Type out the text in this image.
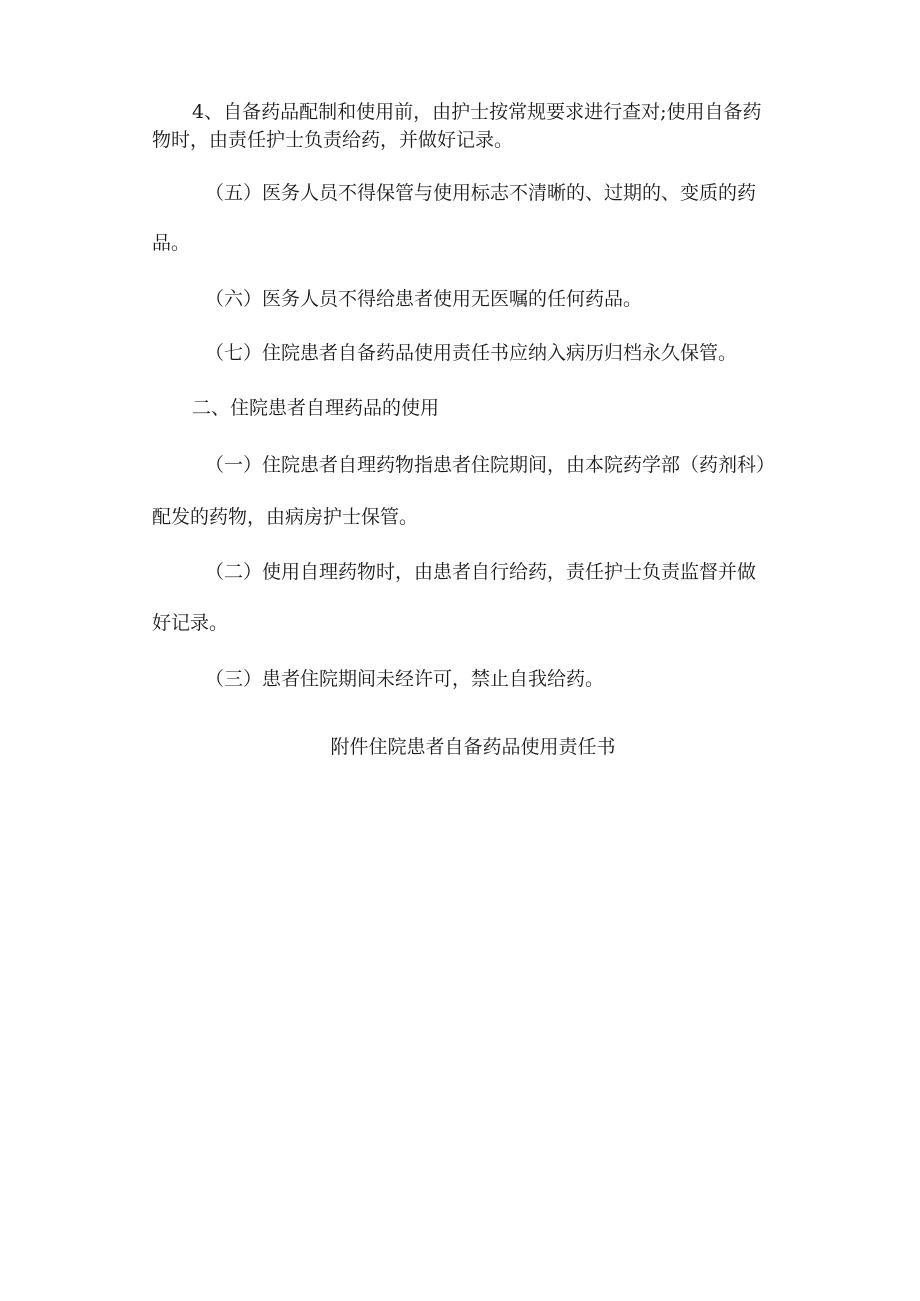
4、自备药品配制和使用前，由护士按常规要求进行查对;使用自备药

物时，由责任护士负责给药，并做好记录。

（五）医务人员不得保管与使用标志不清晰的、过期的、变质的药

品。

（六）医务人员不得给患者使用无医嘱的任何药品。

（七）住院患者自备药品使用责任书应纳入病历归档永久保管。

二、住院患者自理药品的使用

（一）住院患者自理药物指患者住院期间，由本院药学部（药剂科）

配发的药物，由病房护士保管。

（二）使用自理药物时，由患者自行给药，责任护士负责监督并做

好记录。

（三）患者住院期间未经许可，禁止自我给药。

附件住院患者自备药品使用责任书
